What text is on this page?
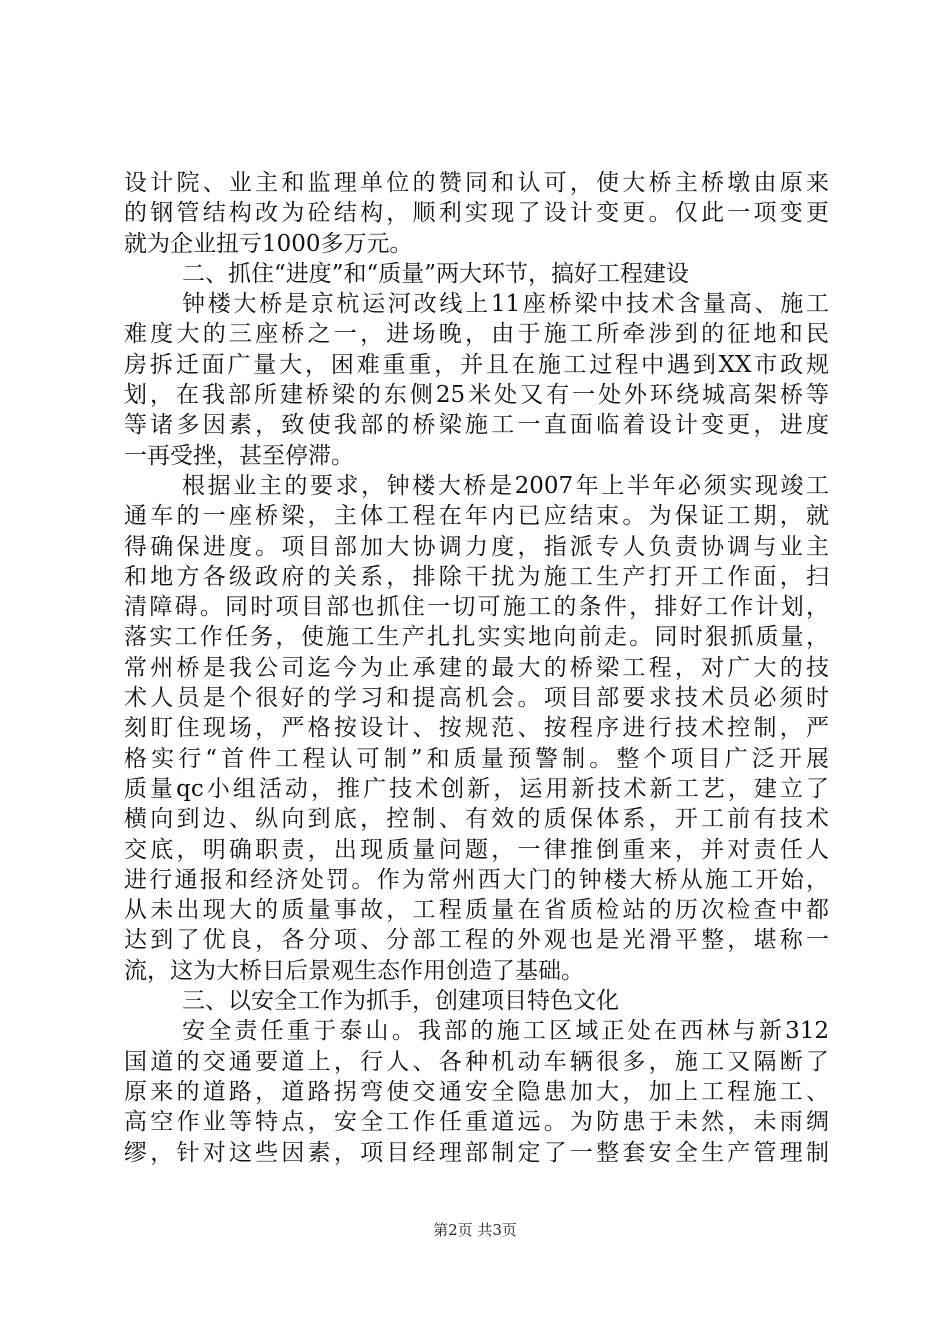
设计院、业主和监理单位的赞同和认可，使大桥主桥墩由原来
的钢管结构改为砼结构，顺利实现了设计变更。仅此一项变更
就为企业扭亏1000多万元。
二、抓住“进度”和“质量”两大环节，搞好工程建设
钟楼大桥是京杭运河改线上11座桥梁中技术含量高、施工
难度大的三座桥之一，进场晚，由于施工所牵涉到的征地和民
房拆迁面广量大，困难重重，并且在施工过程中遇到XX市政规
划，在我部所建桥梁的东侧25米处又有一处外环绕城高架桥等
等诸多因素，致使我部的桥梁施工一直面临着设计变更，进度
一再受挫，甚至停滞。
根据业主的要求，钟楼大桥是2007年上半年必须实现竣工
通车的一座桥梁，主体工程在年内已应结束。为保证工期，就
得确保进度。项目部加大协调力度，指派专人负责协调与业主
和地方各级政府的关系，排除干扰为施工生产打开工作面，扫
清障碍。同时项目部也抓住一切可施工的条件，排好工作计划，
落实工作任务，使施工生产扎扎实实地向前走。同时狠抓质量，
常州桥是我公司迄今为止承建的最大的桥梁工程，对广大的技
术人员是个很好的学习和提高机会。项目部要求技术员必须时
刻盯住现场，严格按设计、按规范、按程序进行技术控制，严
格实行“首件工程认可制”和质量预警制。整个项目广泛开展
质量qc小组活动，推广技术创新，运用新技术新工艺，建立了
横向到边、纵向到底，控制、有效的质保体系，开工前有技术
交底，明确职责，出现质量问题，一律推倒重来，并对责任人
进行通报和经济处罚。作为常州西大门的钟楼大桥从施工开始，
从未出现大的质量事故，工程质量在省质检站的历次检查中都
达到了优良，各分项、分部工程的外观也是光滑平整，堪称一
流，这为大桥日后景观生态作用创造了基础。
三、以安全工作为抓手，创建项目特色文化
安全责任重于泰山。我部的施工区域正处在西林与新312
国道的交通要道上，行人、各种机动车辆很多，施工又隔断了
原来的道路，道路拐弯使交通安全隐患加大，加上工程施工、
高空作业等特点，安全工作任重道远。为防患于未然，未雨绸
缪，针对这些因素，项目经理部制定了一整套安全生产管理制
第2页 共3页
